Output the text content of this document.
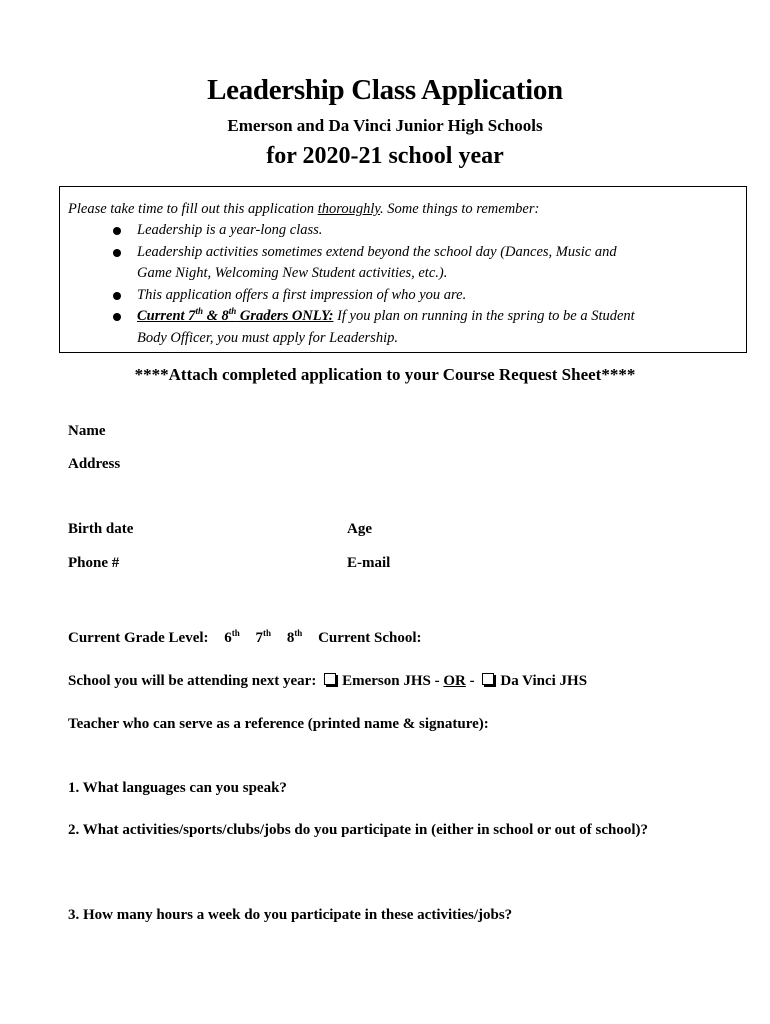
Leadership Class Application
Emerson and Da Vinci Junior High Schools
for 2020-21 school year
Please take time to fill out this application thoroughly. Some things to remember:
Leadership is a year-long class.
Leadership activities sometimes extend beyond the school day (Dances, Music and
Game Night, Welcoming New Student activities, etc.).
This application offers a first impression of who you are.
Current 7th & 8th Graders ONLY: If you plan on running in the spring to be a Student
Body Officer, you must apply for Leadership.
****Attach completed application to your Course Request Sheet****
Name
Address
Birth date	Age
Phone #	E-mail
Current Grade Level: 6th 7th 8th Current School:
School you will be attending next year: Emerson JHS - OR - Da Vinci JHS
Teacher who can serve as a reference (printed name & signature):
1. What languages can you speak?
2. What activities/sports/clubs/jobs do you participate in (either in school or out of school)?
3. How many hours a week do you participate in these activities/jobs?
